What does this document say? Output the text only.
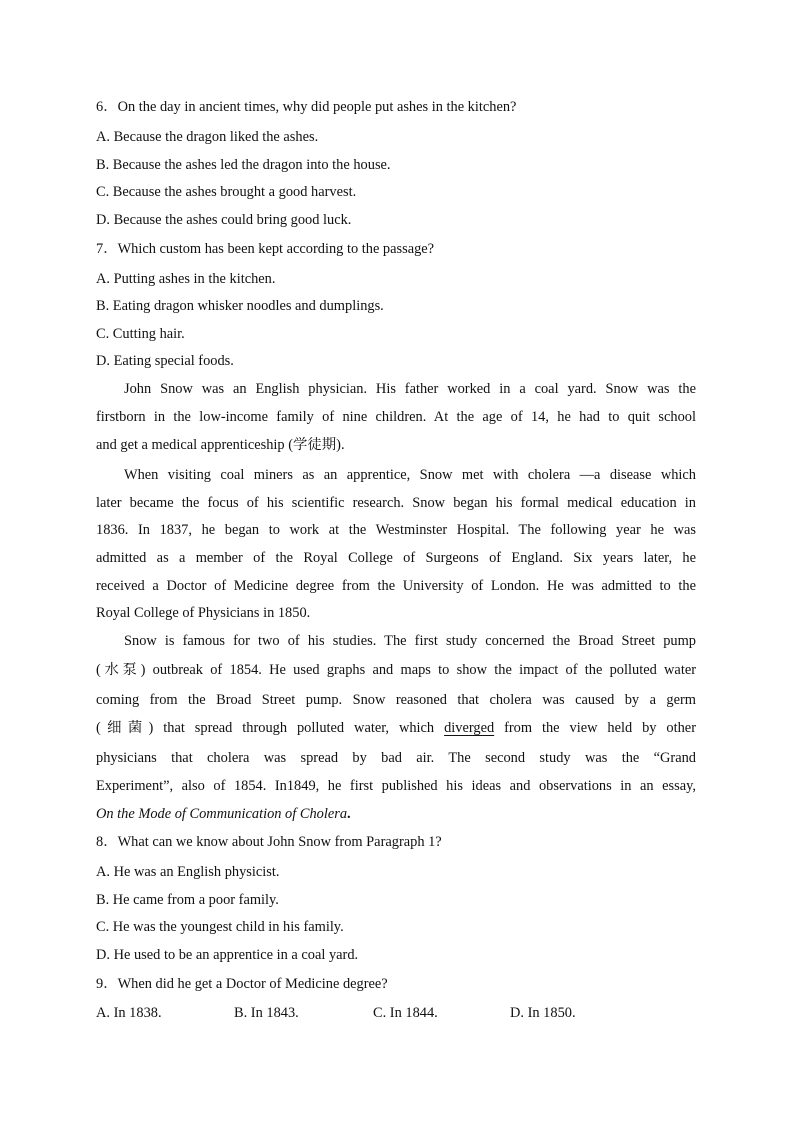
6．On the day in ancient times, why did people put ashes in the kitchen?
A. Because the dragon liked the ashes.
B. Because the ashes led the dragon into the house.
C. Because the ashes brought a good harvest.
D. Because the ashes could bring good luck.
7．Which custom has been kept according to the passage?
A. Putting ashes in the kitchen.
B. Eating dragon whisker noodles and dumplings.
C. Cutting hair.
D. Eating special foods.
John Snow was an English physician. His father worked in a coal yard. Snow was the
firstborn in the low-income family of nine children. At the age of 14, he had to quit school
and get a medical apprenticeship (学徒期).
When visiting coal miners as an apprentice, Snow met with cholera —a disease which
later became the focus of his scientific research. Snow began his formal medical education in
1836. In 1837, he began to work at the Westminster Hospital. The following year he was
admitted as a member of the Royal College of Surgeons of England. Six years later, he
received a Doctor of Medicine degree from the University of London. He was admitted to the
Royal College of Physicians in 1850.
Snow is famous for two of his studies. The first study concerned the Broad Street pump
(水泵) outbreak of 1854. He used graphs and maps to show the impact of the polluted water
coming from the Broad Street pump. Snow reasoned that cholera was caused by a germ
(细菌) that spread through polluted water, which diverged from the view held by other
physicians that cholera was spread by bad air. The second study was the “Grand
Experiment”, also of 1854. In1849, he first published his ideas and observations in an essay,
On the Mode of Communication of Cholera.
8．What can we know about John Snow from Paragraph 1?
A. He was an English physicist.
B. He came from a poor family.
C. He was the youngest child in his family.
D. He used to be an apprentice in a coal yard.
9．When did he get a Doctor of Medicine degree?
A. In 1838.	B. In 1843.	C. In 1844.	D. In 1850.
